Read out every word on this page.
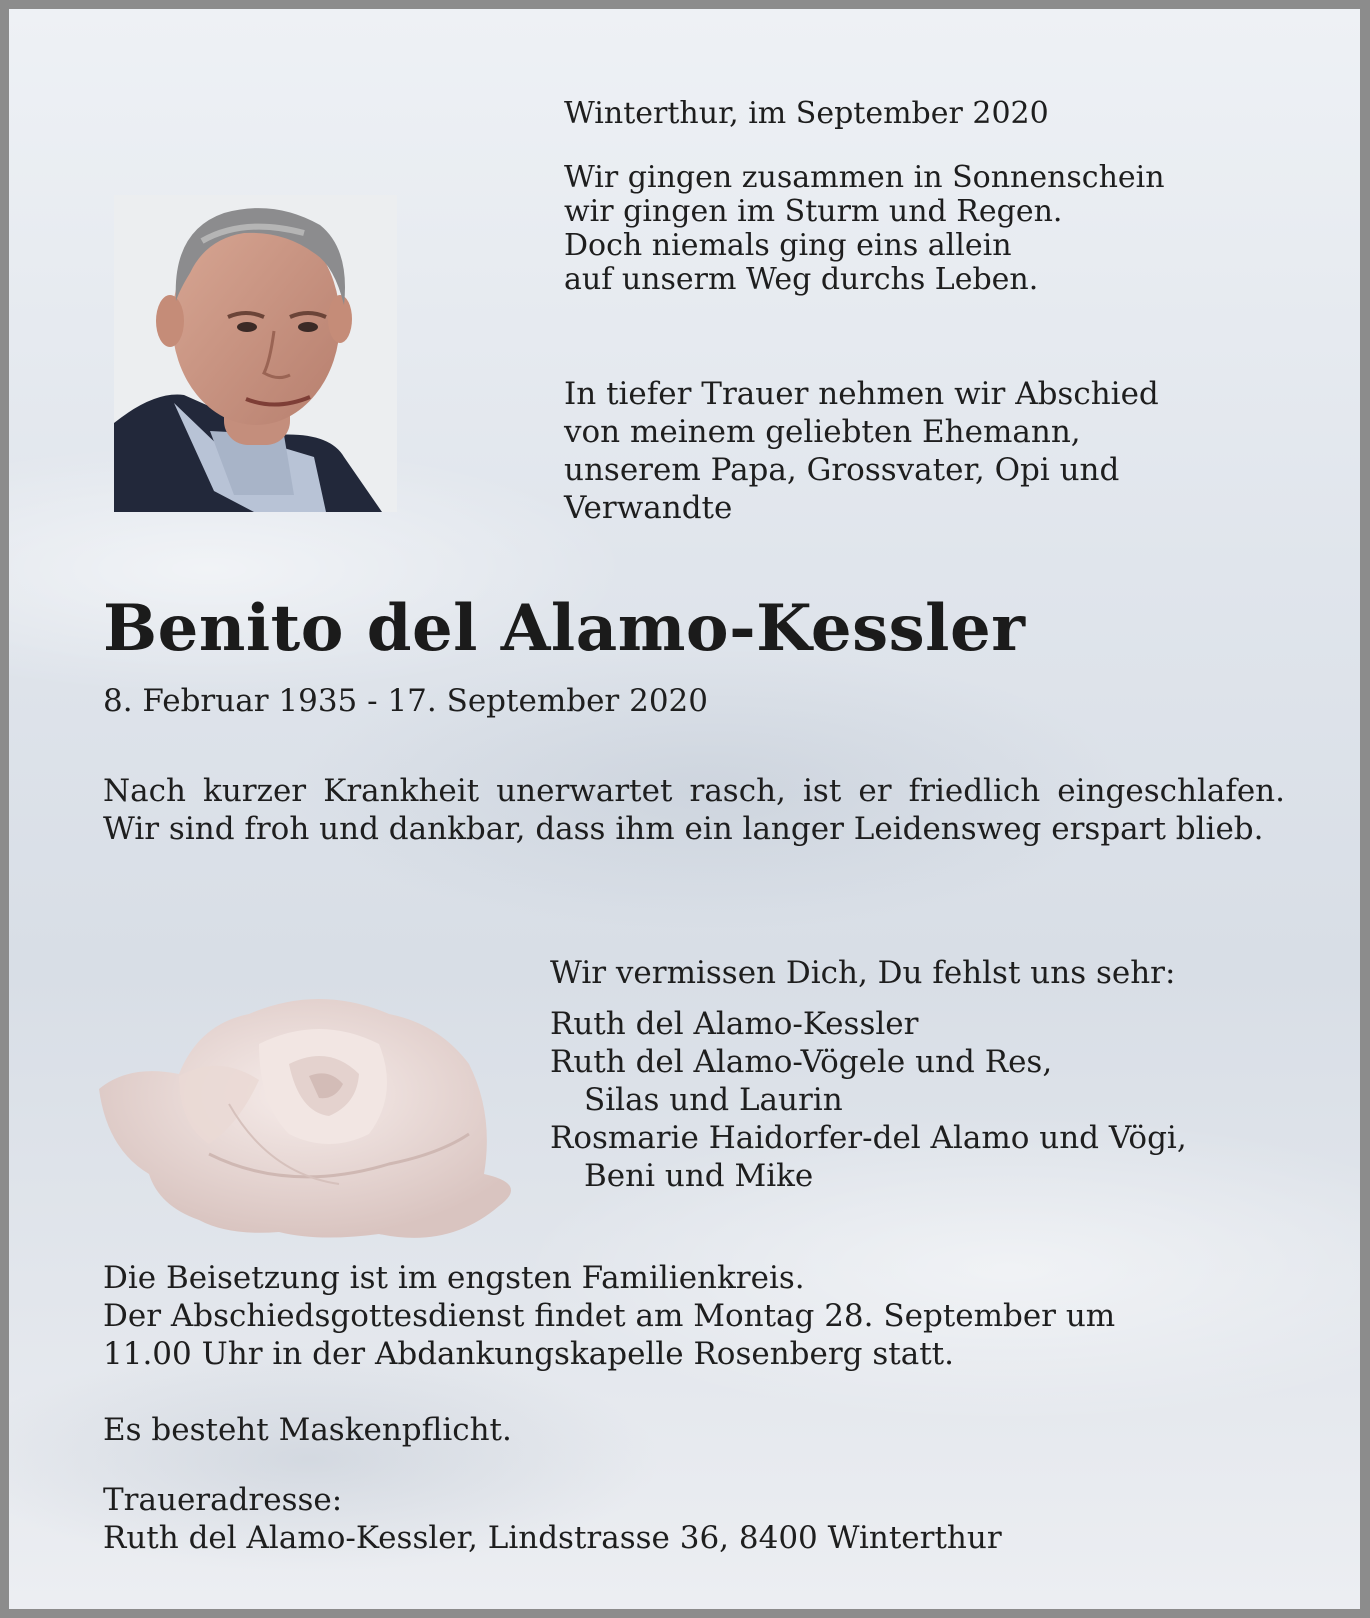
Winterthur, im September 2020

Wir gingen zusammen in Sonnenschein
wir gingen im Sturm und Regen.
Doch niemals ging eins allein
auf unserm Weg durchs Leben.
In tiefer Trauer nehmen wir Abschied
von meinem geliebten Ehemann,
unserem Papa, Grossvater, Opi und
Verwandte
Benito del Alamo-Kessler

8. Februar 1935 - 17. September 2020

Nach kurzer Krankheit unerwartet rasch, ist er friedlich eingeschlafen. Wir sind froh und dankbar, dass ihm ein langer Leidensweg erspart blieb.

Wir vermissen Dich, Du fehlst uns sehr:

Ruth del Alamo-Kessler
Ruth del Alamo-Vögele und Res,
Silas und Laurin
Rosmarie Haidorfer-del Alamo und Vögi,
Beni und Mike
Die Beisetzung ist im engsten Familienkreis.
Der Abschiedsgottesdienst findet am Montag 28. September um
11.00 Uhr in der Abdankungskapelle Rosenberg statt.

Es besteht Maskenpflicht.

Traueradresse:
Ruth del Alamo-Kessler, Lindstrasse 36, 8400 Winterthur
